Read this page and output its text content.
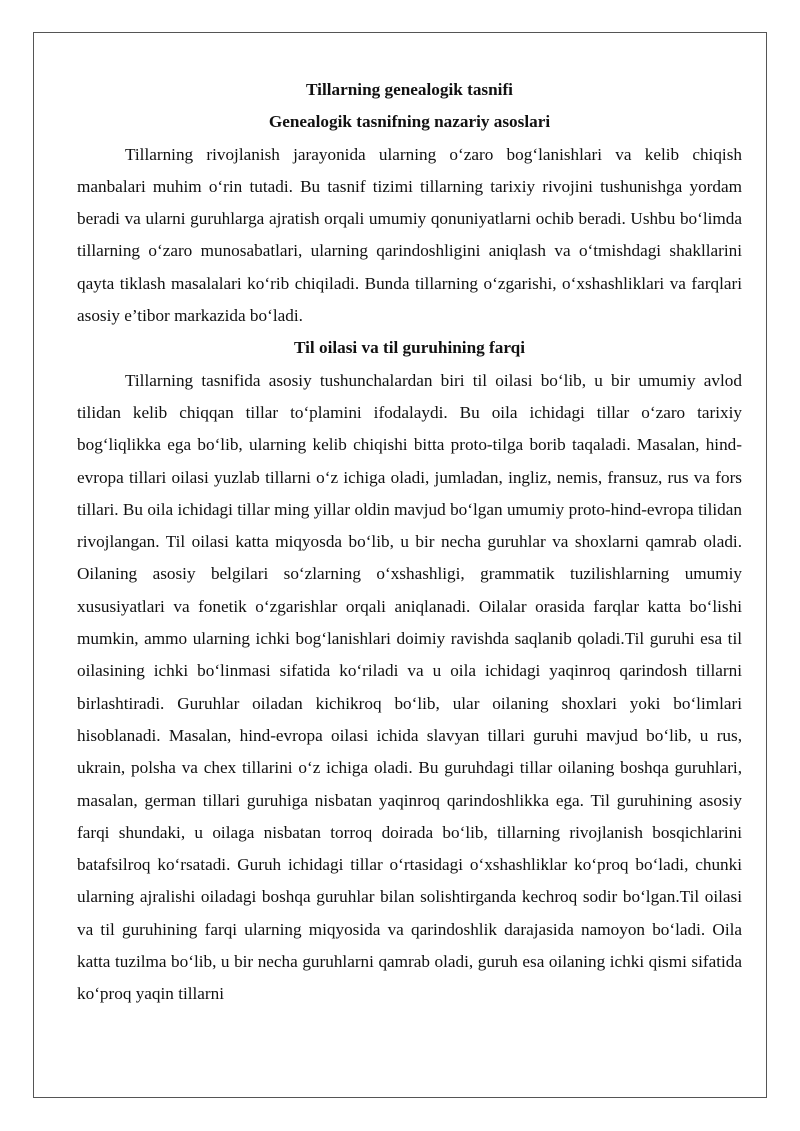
Tillarning genealogik tasnifi

Genealogik tasnifning nazariy asoslari

Tillarning rivojlanish jarayonida ularning o‘zaro bog‘lanishlari va kelib chiqish manbalari muhim o‘rin tutadi. Bu tasnif tizimi tillarning tarixiy rivojini tushunishga yordam beradi va ularni guruhlarga ajratish orqali umumiy qonuniyatlarni ochib beradi. Ushbu bo‘limda tillarning o‘zaro munosabatlari, ularning qarindoshligini aniqlash va o‘tmishdagi shakllarini qayta tiklash masalalari ko‘rib chiqiladi. Bunda tillarning o‘zgarishi, o‘xshashliklari va farqlari asosiy e’tibor markazida bo‘ladi.

Til oilasi va til guruhining farqi

Tillarning tasnifida asosiy tushunchalardan biri til oilasi bo‘lib, u bir umumiy avlod tilidan kelib chiqqan tillar to‘plamini ifodalaydi. Bu oila ichidagi tillar o‘zaro tarixiy bog‘liqlikka ega bo‘lib, ularning kelib chiqishi bitta proto-tilga borib taqaladi. Masalan, hind-evropa tillari oilasi yuzlab tillarni o‘z ichiga oladi, jumladan, ingliz, nemis, fransuz, rus va fors tillari. Bu oila ichidagi tillar ming yillar oldin mavjud bo‘lgan umumiy proto-hind-evropa tilidan rivojlangan. Til oilasi katta miqyosda bo‘lib, u bir necha guruhlar va shoxlarni qamrab oladi. Oilaning asosiy belgilari so‘zlarning o‘xshashligi, grammatik tuzilishlarning umumiy xususiyatlari va fonetik o‘zgarishlar orqali aniqlanadi. Oilalar orasida farqlar katta bo‘lishi mumkin, ammo ularning ichki bog‘lanishlari doimiy ravishda saqlanib qoladi.Til guruhi esa til oilasining ichki bo‘linmasi sifatida ko‘riladi va u oila ichidagi yaqinroq qarindosh tillarni birlashtiradi. Guruhlar oiladan kichikroq bo‘lib, ular oilaning shoxlari yoki bo‘limlari hisoblanadi. Masalan, hind-evropa oilasi ichida slavyan tillari guruhi mavjud bo‘lib, u rus, ukrain, polsha va chex tillarini o‘z ichiga oladi. Bu guruhdagi tillar oilaning boshqa guruhlari, masalan, german tillari guruhiga nisbatan yaqinroq qarindoshlikka ega. Til guruhining asosiy farqi shundaki, u oilaga nisbatan torroq doirada bo‘lib, tillarning rivojlanish bosqichlarini batafsilroq ko‘rsatadi. Guruh ichidagi tillar o‘rtasidagi o‘xshashliklar ko‘proq bo‘ladi, chunki ularning ajralishi oiladagi boshqa guruhlar bilan solishtirganda kechroq sodir bo‘lgan.Til oilasi va til guruhining farqi ularning miqyosida va qarindoshlik darajasida namoyon bo‘ladi. Oila katta tuzilma bo‘lib, u bir necha guruhlarni qamrab oladi, guruh esa oilaning ichki qismi sifatida ko‘proq yaqin tillarni
